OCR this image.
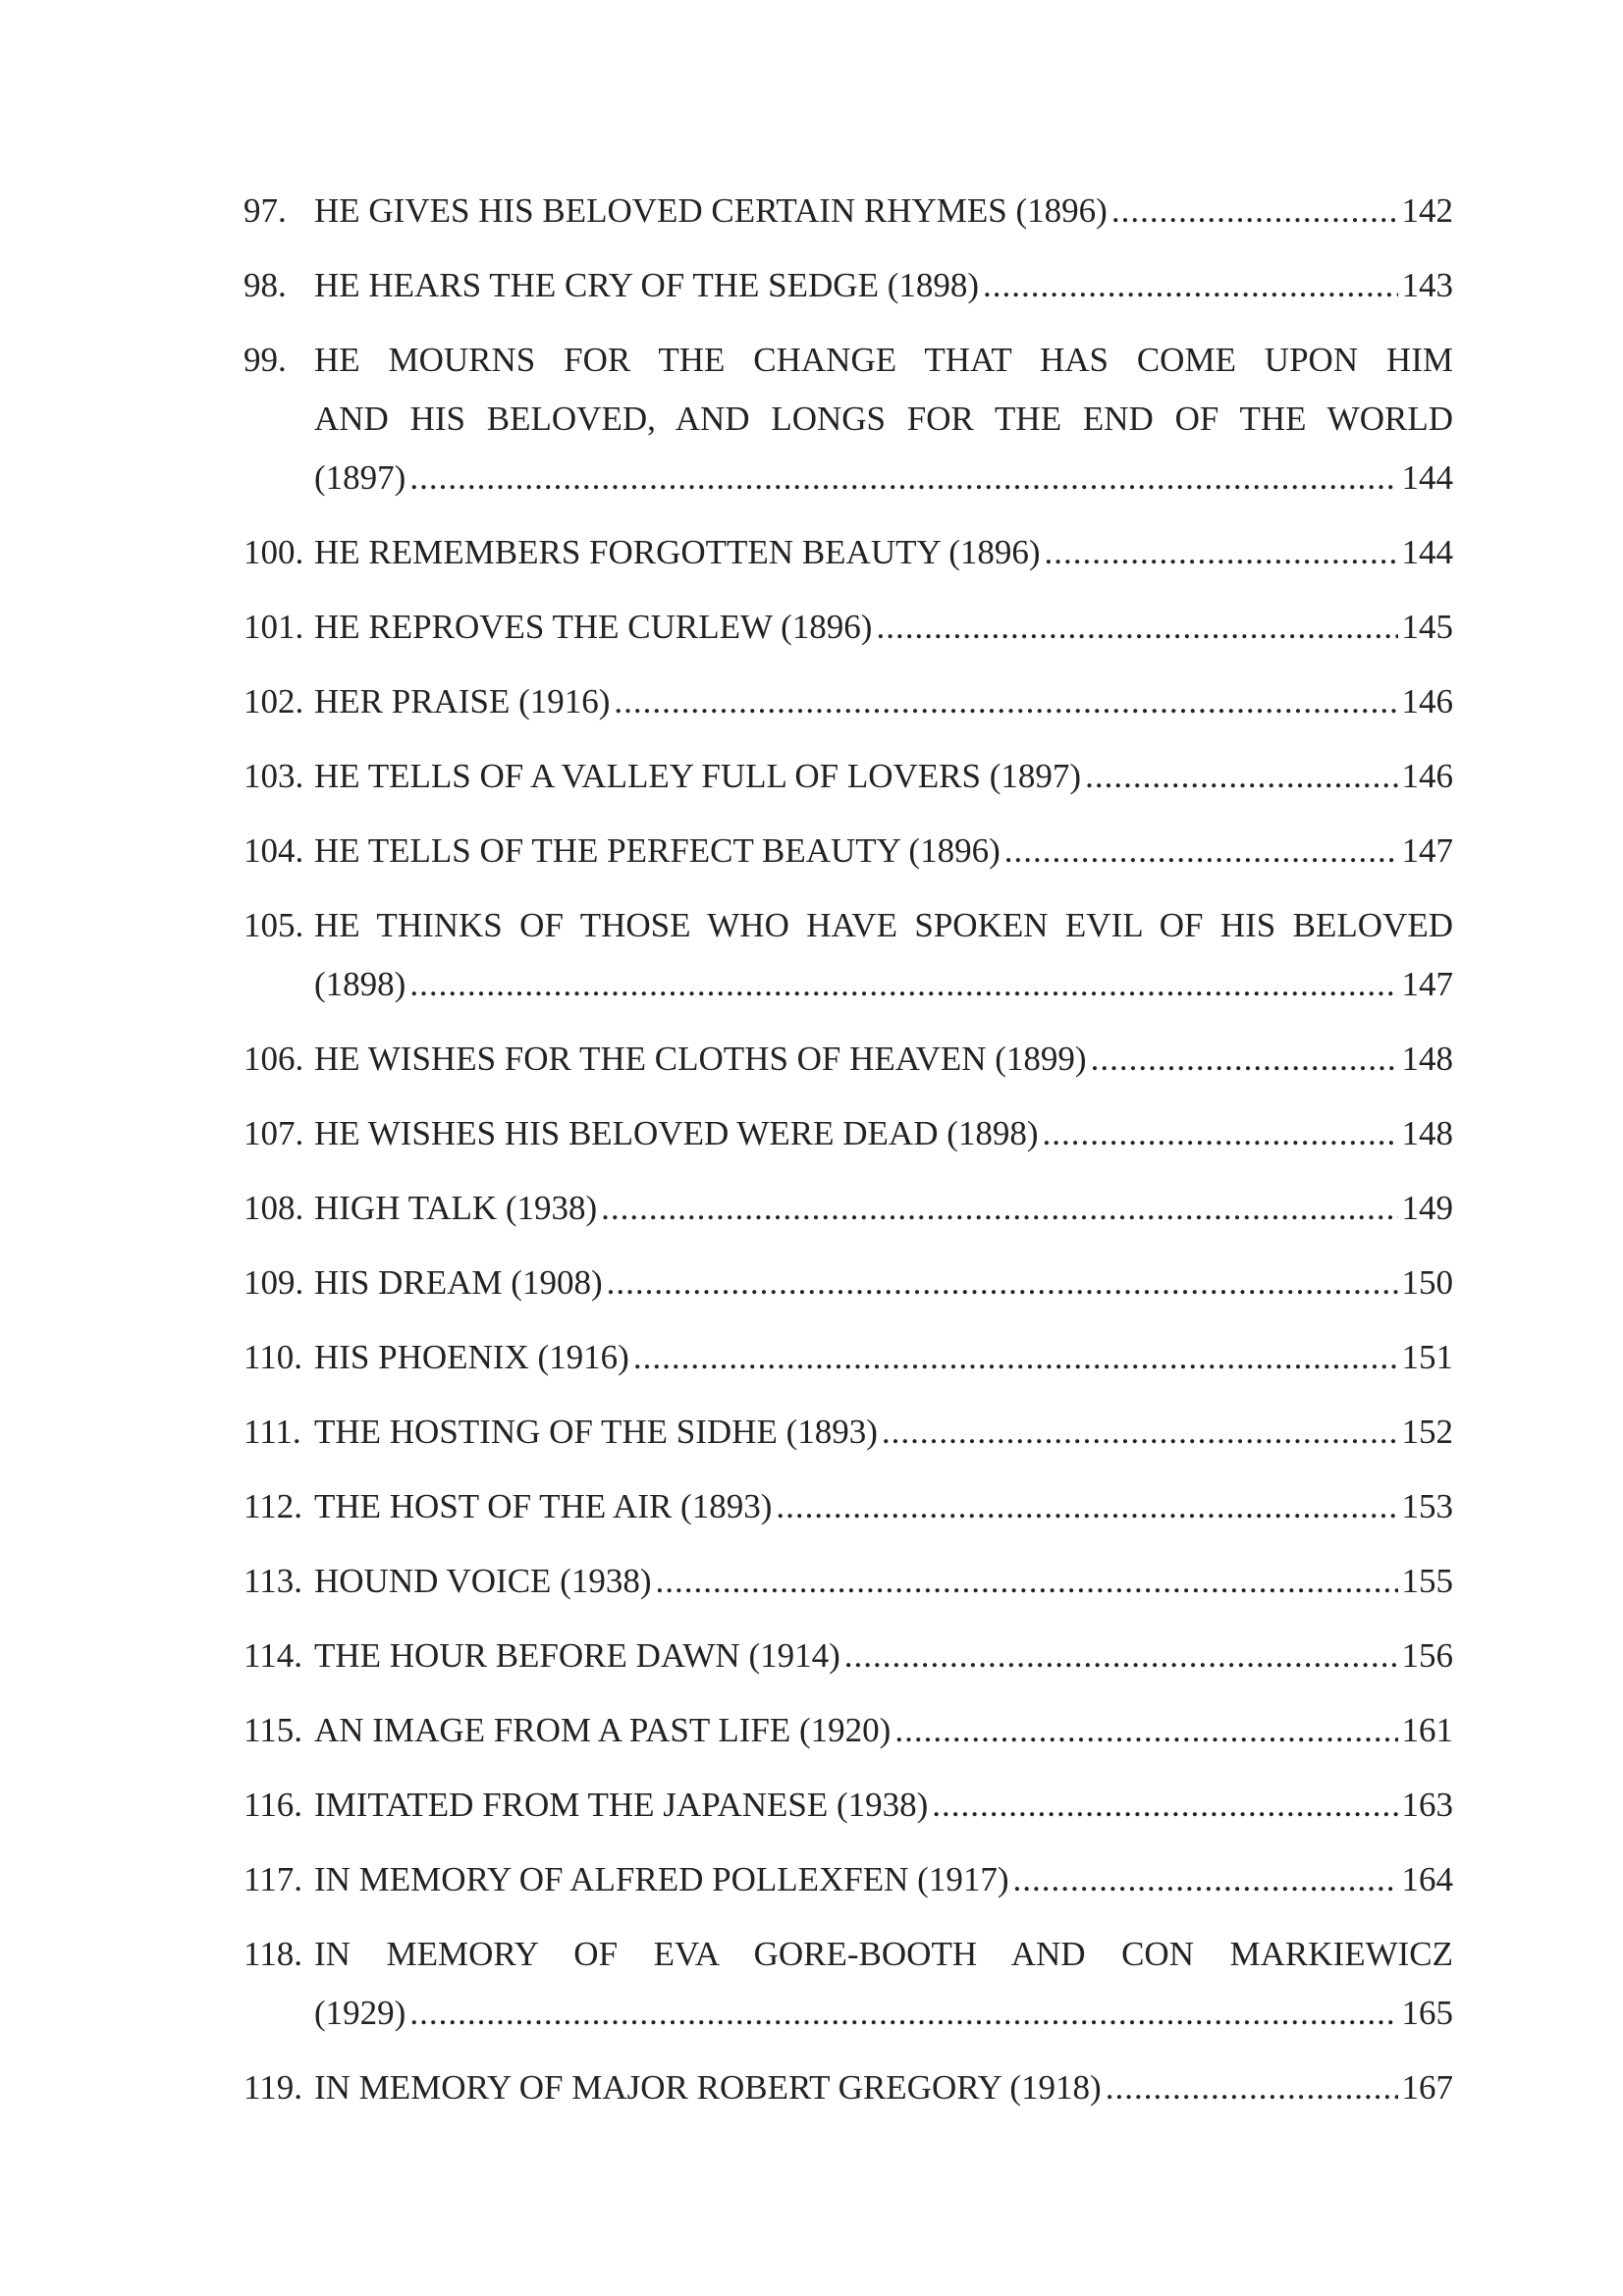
97. HE GIVES HIS BELOVED CERTAIN RHYMES (1896) .....	142
98. HE HEARS THE CRY OF THE SEDGE (1898) .....	143
99. HE MOURNS FOR THE CHANGE THAT HAS COME UPON HIM
AND HIS BELOVED, AND LONGS FOR THE END OF THE WORLD
(1897) .....	144
100. HE REMEMBERS FORGOTTEN BEAUTY (1896) .....	144
101. HE REPROVES THE CURLEW (1896) .....	145
102. HER PRAISE (1916) .....	146
103. HE TELLS OF A VALLEY FULL OF LOVERS (1897) .....	146
104. HE TELLS OF THE PERFECT BEAUTY (1896) .....	147
105. HE THINKS OF THOSE WHO HAVE SPOKEN EVIL OF HIS BELOVED
(1898) .....	147
106. HE WISHES FOR THE CLOTHS OF HEAVEN (1899) .....	148
107. HE WISHES HIS BELOVED WERE DEAD (1898) .....	148
108. HIGH TALK (1938) .....	149
109. HIS DREAM (1908) .....	150
110. HIS PHOENIX (1916) .....	151
111. THE HOSTING OF THE SIDHE (1893) .....	152
112. THE HOST OF THE AIR (1893) .....	153
113. HOUND VOICE (1938) .....	155
114. THE HOUR BEFORE DAWN (1914) .....	156
115. AN IMAGE FROM A PAST LIFE (1920) .....	161
116. IMITATED FROM THE JAPANESE (1938) .....	163
117. IN MEMORY OF ALFRED POLLEXFEN (1917) .....	164
118. IN MEMORY OF EVA GORE-BOOTH AND CON MARKIEWICZ
(1929) .....	165
119. IN MEMORY OF MAJOR ROBERT GREGORY (1918) .....	167
